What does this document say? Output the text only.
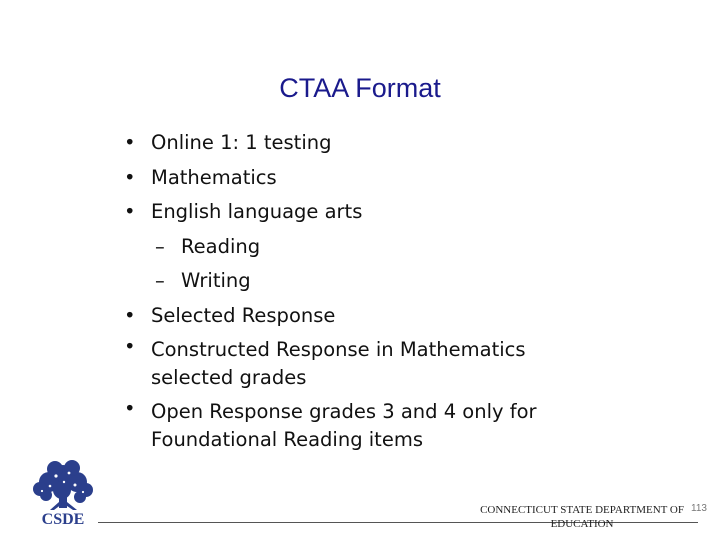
CTAA Format
• Online 1: 1 testing
• Mathematics
• English language arts
– Reading
– Writing
• Selected Response
• Constructed Response in Mathematics selected grades
• Open Response grades 3 and 4 only for Foundational Reading items
CSDE
CONNECTICUT STATE DEPARTMENT OF
EDUCATION
113
